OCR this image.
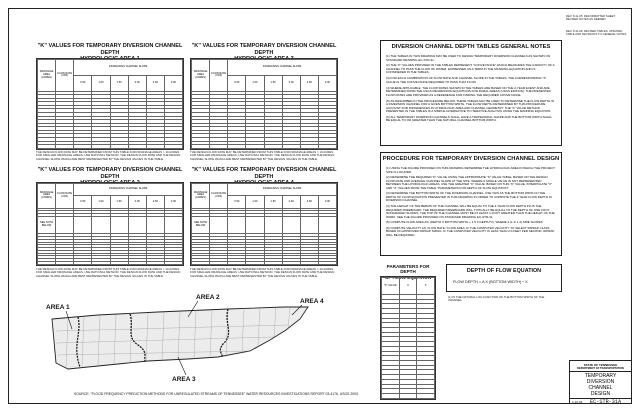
REV. 8-11-05: REFORMATTED SHEET, REVISED NOTES AS NEEDED.
REV. 8-11-06: REVISED TABLES. UPDATED TABLE AND REVISIONS TO GENERAL NOTES.
"K" VALUES FOR TEMPORARY DIVERSION CHANNEL DEPTH
HYDROLOGIC AREA 1
DRAINAGE AREA (ACRES)	FLOW RATE (CFS)	INCREASING CHANNEL SLOPE					
		0.50	1.00	1.50	2.00	2.50	3.00

THE DESIGN FLOW RATE MAY BE DETERMINED FROM THIS TABLE FOR DRAINAGE AREAS > 10 ACRES. FOR SMALLER DRAINAGE AREAS, USE RATIONAL METHOD. THE DESIGN FLOW RATE AND THE DESIGN CHANNEL SLOPE WHICH ARE BEST REPRESENTED BY THE DESIGN VALUES IN THE TABLE.
"K" VALUES FOR TEMPORARY DIVERSION CHANNEL DEPTH
HYDROLOGIC AREA 3
DRAINAGE AREA (ACRES)	FLOW RATE (CFS)	INCREASING CHANNEL SLOPE					
		0.50	1.00	1.50	2.00	2.50	3.00

THE DESIGN FLOW RATE MAY BE DETERMINED FROM THIS TABLE FOR DRAINAGE AREAS > 10 ACRES. FOR SMALLER DRAINAGE AREAS, USE RATIONAL METHOD. THE DESIGN FLOW RATE AND THE DESIGN CHANNEL SLOPE WHICH ARE BEST REPRESENTED BY THE DESIGN VALUES IN THE TABLE.
"K" VALUES FOR TEMPORARY DIVERSION CHANNEL DEPTH
HYDROLOGIC AREA 2
DRAINAGE AREA (ACRES)	FLOW RATE (CFS)	INCREASING CHANNEL SLOPE					
		0.50	1.00	1.50	2.00	2.50	3.00

SEE NOTE BELOW							

THE DESIGN FLOW RATE MAY BE DETERMINED FROM THIS TABLE FOR DRAINAGE AREAS > 10 ACRES. FOR SMALLER DRAINAGE AREAS, USE RATIONAL METHOD. THE DESIGN FLOW RATE AND THE DESIGN CHANNEL SLOPE WHICH ARE BEST REPRESENTED BY THE DESIGN VALUES IN THE TABLE.
"K" VALUES FOR TEMPORARY DIVERSION CHANNEL DEPTH
HYDROLOGIC AREA 4
DRAINAGE AREA (ACRES)	FLOW RATE (CFS)	INCREASING CHANNEL SLOPE					
		0.50	1.00	1.50	2.00	2.50	3.00

SEE NOTE BELOW							

THE DESIGN FLOW RATE MAY BE DETERMINED FROM THIS TABLE FOR DRAINAGE AREAS > 10 ACRES. FOR SMALLER DRAINAGE AREAS, USE RATIONAL METHOD. THE DESIGN FLOW RATE AND THE DESIGN CHANNEL SLOPE WHICH ARE BEST REPRESENTED BY THE DESIGN VALUES IN THE TABLE.
AREA 1
AREA 2
AREA 3
AREA 4
SOURCE: "FLOOD FREQUENCY PREDICTION METHODS FOR UNREGULATED STREAMS OF TENNESSEE" WATER RESOURCES INVESTIGATIONS REPORT 03-4176, USGS 2003.
DIVERSION CHANNEL DEPTH TABLES GENERAL NOTES
(1) THE TABLES IN THIS DRAWING MAY BE USED TO DESIGN TEMPORARY DIVERSION CHANNELS AS SHOWN ON STANDARD DRAWING EC-STR-31.
(2) THE "K" VALUES PROVIDED IN THE TABLES REPRESENT "CONVEYANCE" WHICH MEASURES THE CAPACITY OF A CHANNEL TO PASS THE FLOW OF WATER, EXPRESSED AS A TERM IN THE MANNING EQUATION AND IS CONSIDERED IN THE TABLES.
(3) FOR EACH COMBINATION OF FLOW RATE AND CHANNEL SLOPE IN THE TABLES, THE CORRESPONDING "K" VALUE IS THE CONVEYANCE REQUIRED TO PASS THAT FLOW.
(4) WHERE APPLICABLE, THE FLOW RATES SHOWN IN THE TABLES ARE BASED ON THE 2-YEAR EVENT AND ARE DETERMINED FROM THE USGS REGRESSION EQUATIONS FOR RURAL AREAS (USGS EDITION). THE PRESENTED FLOW RATES ARE PROVIDED AS A REFERENCE FOR FINDING THE REQUIRED CONVEYANCE.
(5) AS DESCRIBED IN THE PROCEDURE BELOW, THESE TABLES MAY BE USED TO DETERMINE THE FLOW DEPTH IN A DIVERSION CHANNEL FOR A GIVEN BOTTOM WIDTH. THE FLOW DEPTH DETERMINED BY THIS PROCEDURE ACCOUNT FOR DIFFERENCES IN HYDROLOGIC AREA AND CHANNEL GEOMETRY. THE "K" VALUE METHOD PRESENTED IN THE TABLES IS A SIMPLE ALTERNATIVE TO ITERATIVE ANALYSIS USING THE MANNING EQUATION.
(6) ALL TEMPORARY DIVERSION CHANNELS SHALL HAVE A TRAPEZOIDAL SHAPE AND THE BOTTOM WIDTH SHALL BE EQUAL TO OR GREATER THAN THE NATURAL CHANNEL BOTTOM WIDTH.
PROCEDURE FOR TEMPORARY DIVERSION CHANNEL DESIGN
(1) USING THE FIGURE PROVIDED ON THIS DRAWING DETERMINE THE HYDROLOGIC AREA IN WHICH THE PROJECT SITE IS LOCATED.
(2) DETERMINE THE REQUIRED "K" VALUE USING THE APPROPRIATE "K" VALUE TABLE, BASED ON THE DESIGN FLOW RATE AND AVERAGE CHANNEL SLOPE AT THE SITE. WHERE A SINGLE VALUE IS NOT REPRESENTED BETWEEN THE HYDROLOGIC AREAS, USE THE GREATER "K" VALUE. BASED ON THIS "K" VALUE, INTERPOLATE "X" AND "A" VALUES FROM THE TABLE "PARAMETERS FOR DEPTH OF FLOW EQUATION".
(3) DETERMINE THE BOTTOM WIDTH OF THE DIVERSION CHANNEL. USE THIS AS THE BOTTOM WIDTH IN THE DEPTH OF FLOW EQUATION PRESENTED IN THIS DRAWING IN ORDER TO COMPUTE THE 2-YEAR FLOW DEPTH IN DIVERSION CHANNEL.
(4) THE HEIGHT OF THE BERMS OF THE CHANNEL WILL BE EQUAL TO THE 2-YEAR FLOW DEPTH PLUS THE REQUIRED FREEBOARD. THE REQUIRED FREEBOARD WILL TYPICALLY BE EQUAL TO THE DEPTH OF ONE FOOT. NONGRADED SLOPES, THE TOP OF THE CHANNEL MUST BE AT LEAST 1 FOOT GREATER THAN THE HEIGHT OF THE WORK. SEE THE FIGURE PROVIDED ON STANDARD DRAWING EC-STR-31.
(5) COMPUTE FLOW AREA AS: (DEPTH X BOTTOM WIDTH + 1.5 X DEPTH^2), WHERE 2 (1.1/ 1.4) SIDE SLOPES.
(6) COMPUTE VELOCITY AS: FLOW RATE / FLOW AREA. IF THE COMPUTED VELOCITY TO SELECT RIPRAP CLASS BASED ON APPROVED RIPRAP SIZING. IF THE COMPUTED VELOCITY IS LESS THAN 2.0 FEET PER SECOND, RIPRAP WILL BE REQUIRED.
PARAMETERS FOR DEPTH
OF FLOW EQUATION
"K" VALUE	A	X

DEPTH OF FLOW EQUATION
FLOW DEPTH = A X (BOTTOM WIDTH) ^ X
(1) IS THE NATURAL LOG FUNCTION OF THE BOTTOM WIDTH OF THE CHANNEL
STATE OF TENNESSEE
DEPARTMENT OF TRANSPORTATION
TEMPORARY
DIVERSION
CHANNEL
DESIGN
1-20-06 EC-STR-31A
